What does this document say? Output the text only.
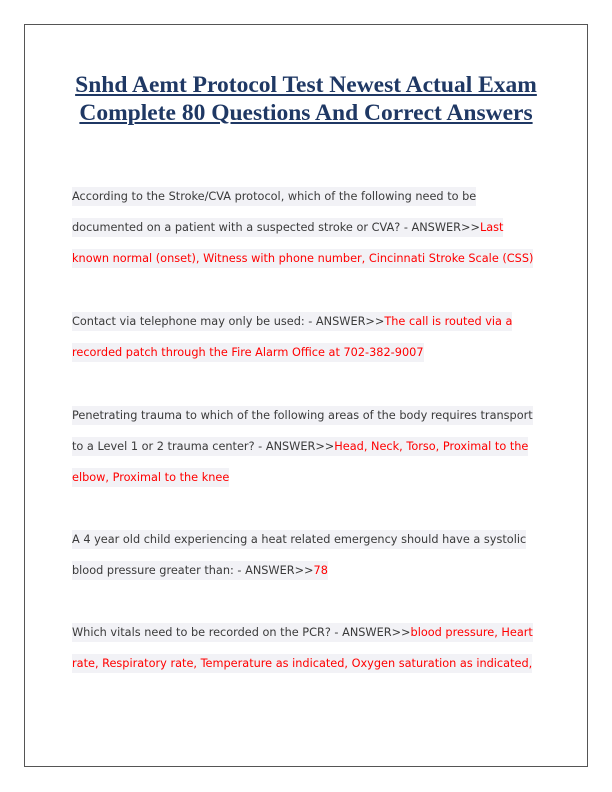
Snhd Aemt Protocol Test Newest Actual Exam Complete 80 Questions And Correct Answers

According to the Stroke/CVA protocol, which of the following need to be documented on a patient with a suspected stroke or CVA? - ANSWER>>Last known normal (onset), Witness with phone number, Cincinnati Stroke Scale (CSS)

Contact via telephone may only be used: - ANSWER>>The call is routed via a recorded patch through the Fire Alarm Office at 702-382-9007

Penetrating trauma to which of the following areas of the body requires transport to a Level 1 or 2 trauma center? - ANSWER>>Head, Neck, Torso, Proximal to the elbow, Proximal to the knee

A 4 year old child experiencing a heat related emergency should have a systolic blood pressure greater than: - ANSWER>>78

Which vitals need to be recorded on the PCR? - ANSWER>>blood pressure, Heart rate, Respiratory rate, Temperature as indicated, Oxygen saturation as indicated,
